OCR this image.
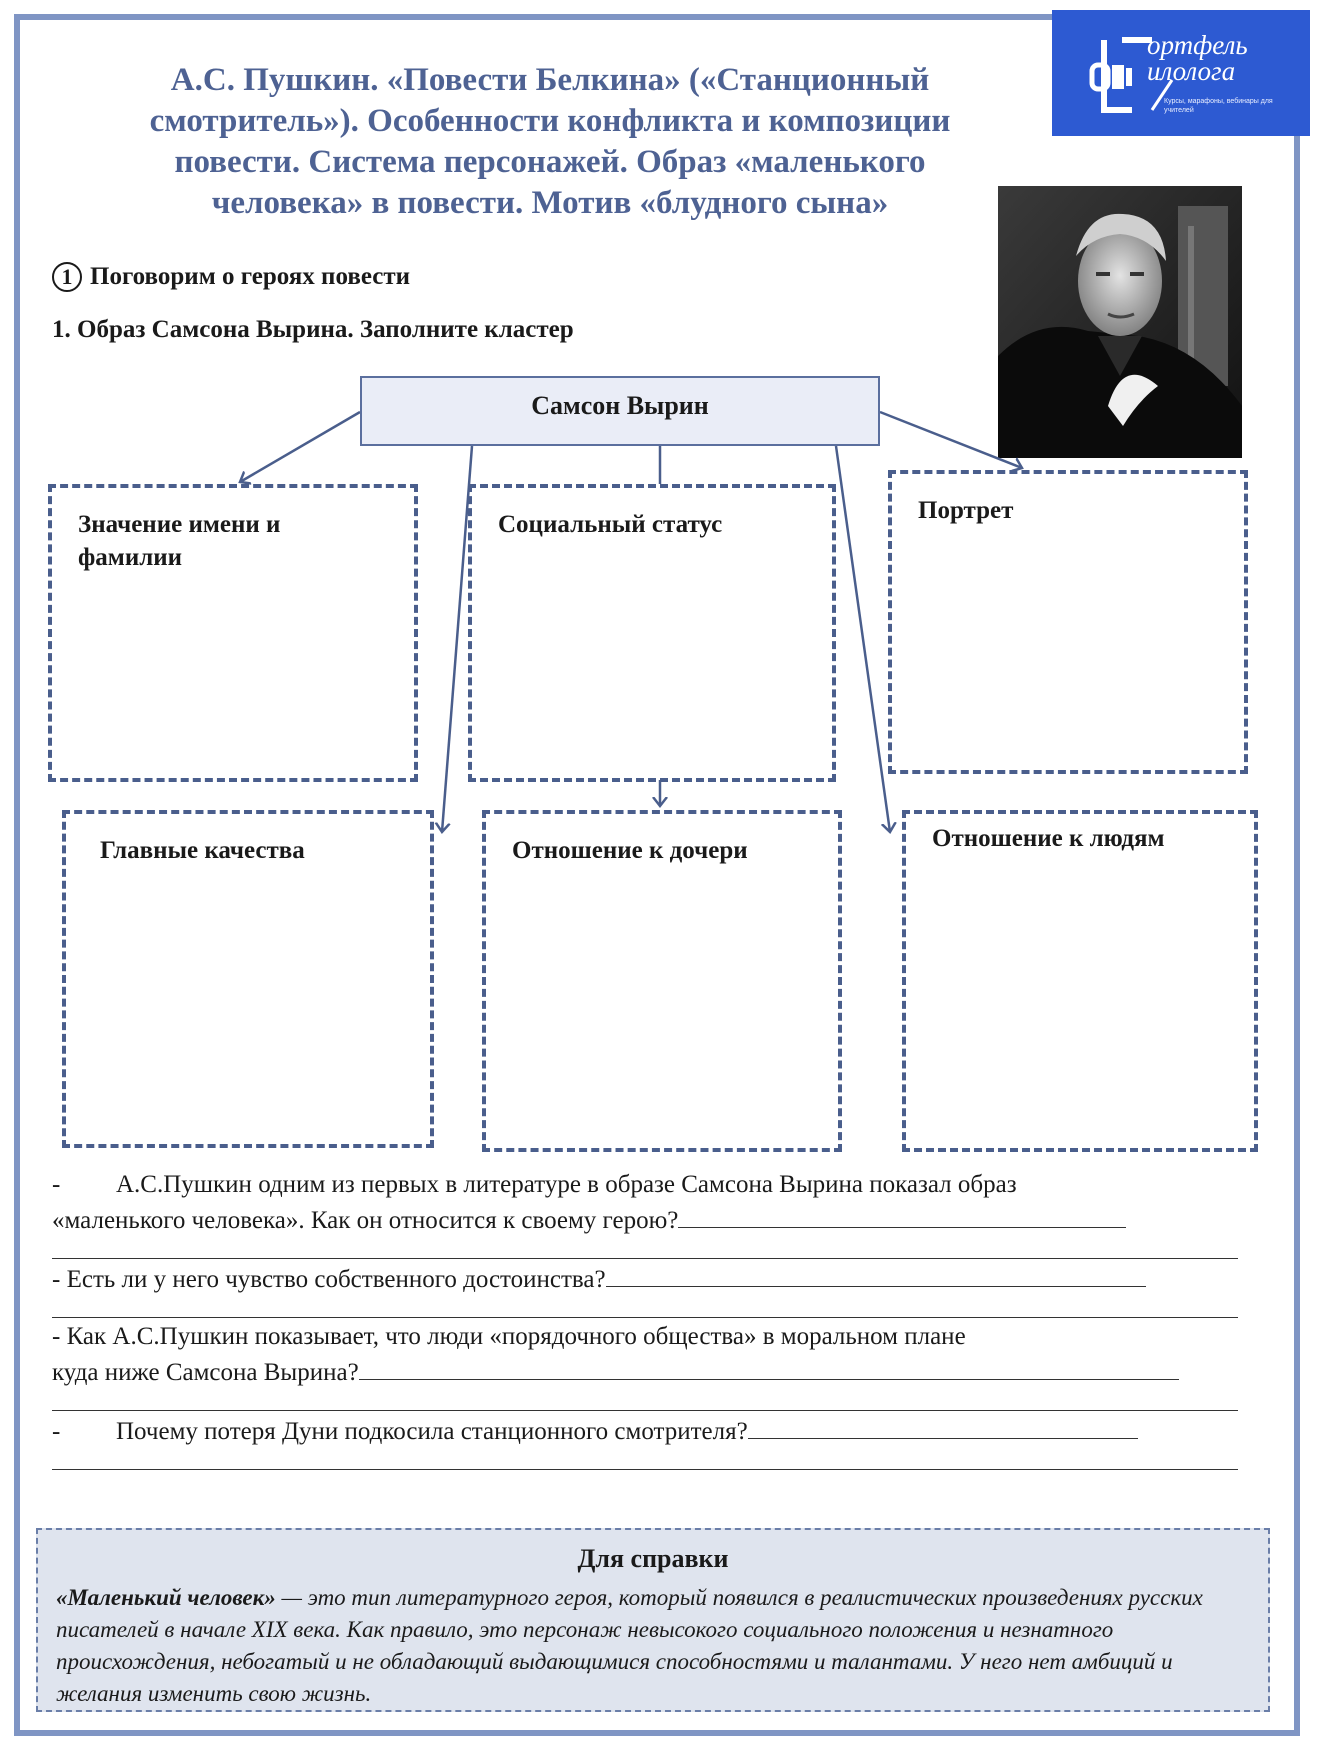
А.С. Пушкин. «Повести Белкина» («Станционный
смотритель»). Особенности конфликта и композиции
повести. Система персонажей. Образ «маленького
человека» в повести. Мотив «блудного сына»
ортфель
илолога
Курсы, марафоны, вебинары для учителей
1 Поговорим о героях повести
1. Образ Самсона Вырина. Заполните кластер
Самсон Вырин
Значение имени и фамилии
Социальный статус
Портрет
Главные качества	Отношение к дочери	Отношение к людям
- А.С.Пушкин одним из первых в литературе в образе Самсона Вырина показал образ
«маленького человека». Как он относится к своему герою?
- Есть ли у него чувство собственного достоинства?
- Как А.С.Пушкин показывает, что люди «порядочного общества» в моральном плане
куда ниже Самсона Вырина?
- Почему потеря Дуни подкосила станционного смотрителя?
Для справки
«Маленький человек» — это тип литературного героя, который появился в реалистических произведениях русских писателей в начале XIX века. Как правило, это персонаж невысокого социального положения и незнатного происхождения, небогатый и не обладающий выдающимися способностями и талантами. У него нет амбиций и желания изменить свою жизнь.
